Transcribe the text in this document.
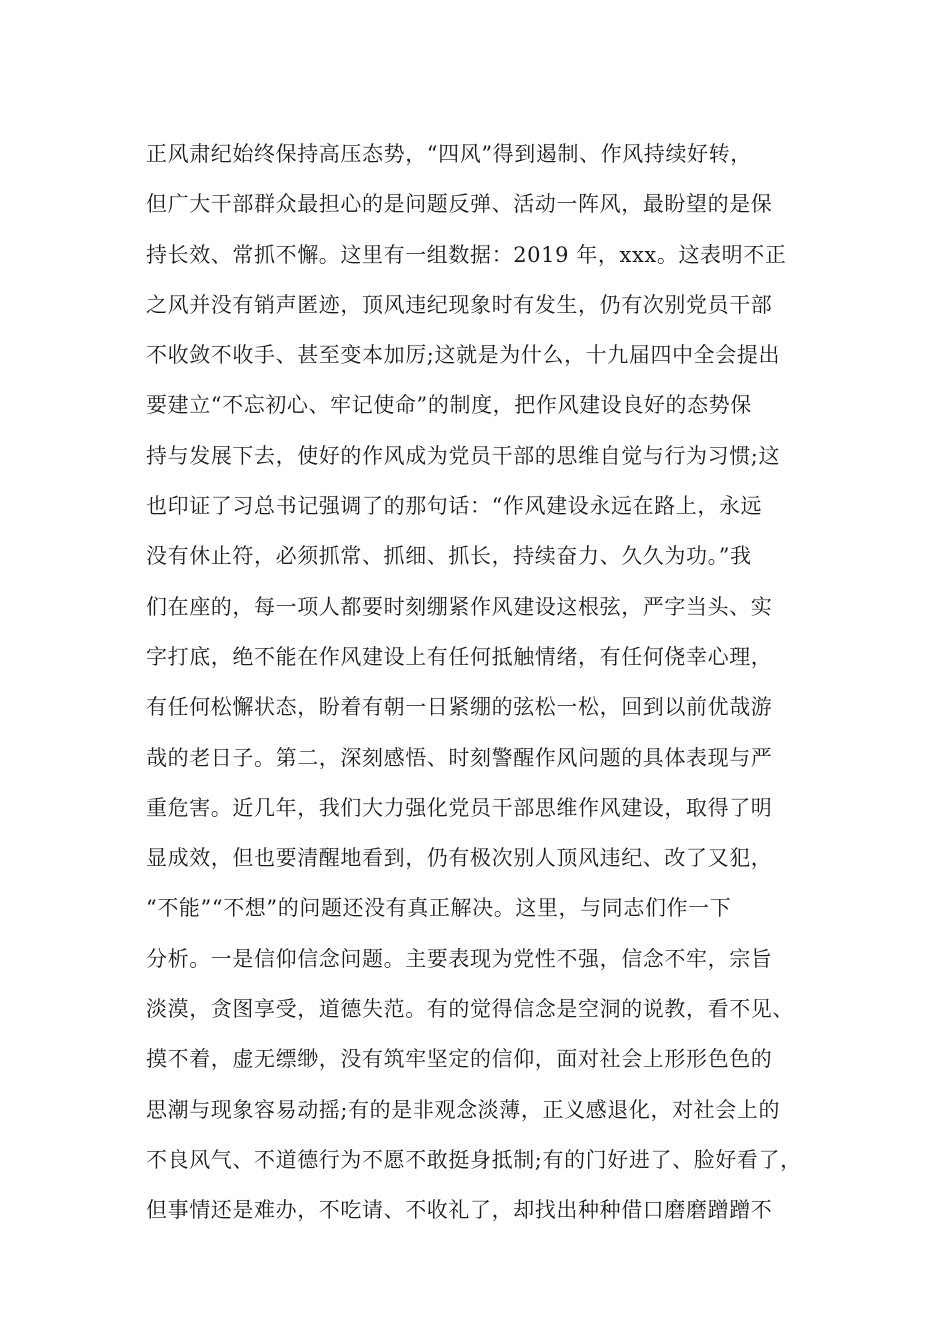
正风肃纪始终保持高压态势，“四风”得到遏制、作风持续好转，
但广大干部群众最担心的是问题反弹、活动一阵风，最盼望的是保
持长效、常抓不懈。这里有一组数据：2019 年，xxx。这表明不正
之风并没有销声匿迹，顶风违纪现象时有发生，仍有次别党员干部
不收敛不收手、甚至变本加厉;这就是为什么，十九届四中全会提出
要建立“不忘初心、牢记使命”的制度，把作风建设良好的态势保
持与发展下去，使好的作风成为党员干部的思维自觉与行为习惯;这
也印证了习总书记强调了的那句话：“作风建设永远在路上，永远
没有休止符，必须抓常、抓细、抓长，持续奋力、久久为功。”我
们在座的，每一项人都要时刻绷紧作风建设这根弦，严字当头、实
字打底，绝不能在作风建设上有任何抵触情绪，有任何侥幸心理，
有任何松懈状态，盼着有朝一日紧绷的弦松一松，回到以前优哉游
哉的老日子。第二，深刻感悟、时刻警醒作风问题的具体表现与严
重危害。近几年，我们大力强化党员干部思维作风建设，取得了明
显成效，但也要清醒地看到，仍有极次别人顶风违纪、改了又犯，
“不能”“不想”的问题还没有真正解决。这里，与同志们作一下
分析。一是信仰信念问题。主要表现为党性不强，信念不牢，宗旨
淡漠，贪图享受，道德失范。有的觉得信念是空洞的说教，看不见、
摸不着，虚无缥缈，没有筑牢坚定的信仰，面对社会上形形色色的
思潮与现象容易动摇;有的是非观念淡薄，正义感退化，对社会上的
不良风气、不道德行为不愿不敢挺身抵制;有的门好进了、脸好看了，
但事情还是难办，不吃请、不收礼了，却找出种种借口磨磨蹭蹭不
